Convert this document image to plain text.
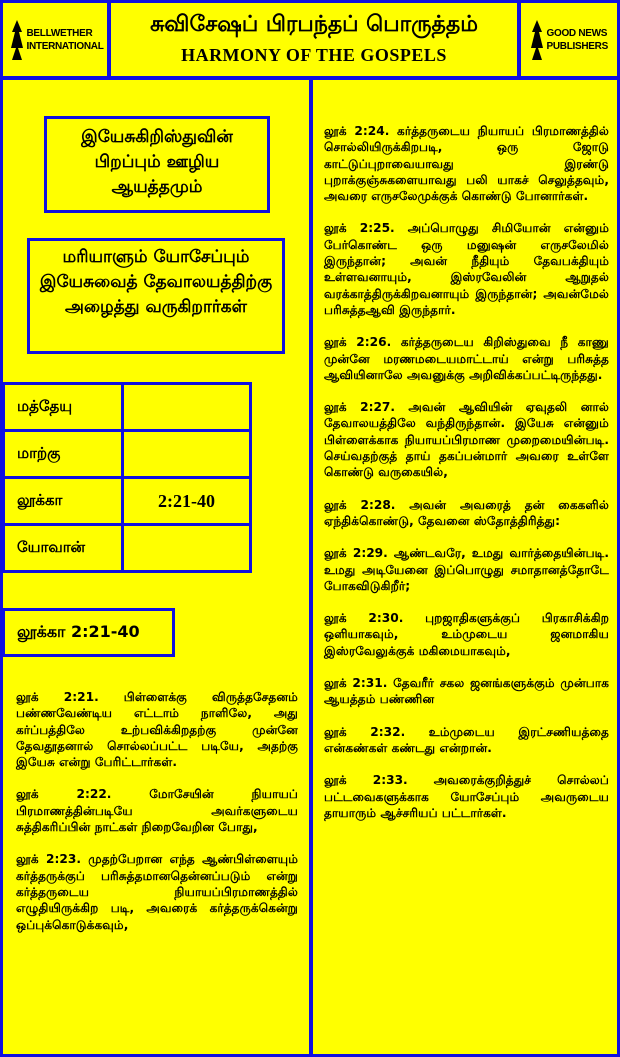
BELLWETHER INTERNATIONAL
சுவிசேஷப் பிரபந்தப் பொருத்தம்
HARMONY OF THE GOSPELS
GOOD NEWS PUBLISHERS
இயேசுகிறிஸ்துவின் பிறப்பும் ஊழிய ஆயத்தமும்
மரியாளும் யோசேப்பும் இயேசுவைத் தேவாலயத்திற்கு அழைத்து வருகிறார்கள்
மத்தேயு
மாற்கு
லூக்கா	2:21-40
யோவான்
லூக்கா 2:21-40

லூக் 2:21. பிள்ளைக்கு விருத்தசேதனம் பண்ணவேண்டிய எட்டாம் நாளிலே, அது கர்ப்பத்திலே உற்பவிக்கிறதற்கு முன்னே தேவதூதனால் சொல்லப்பட்ட படியே, அதற்கு இயேசு என்று பேரிட்டார்கள்.

லூக் 2:22. மோசேயின் நியாயப் பிரமாணத்தின்படியே அவர்களுடைய சுத்திகரிப்பின் நாட்கள் நிறைவேறின போது,

லூக் 2:23. முதற்பேறான எந்த ஆண்பிள்ளையும் கர்த்தருக்குப் பரிசுத்தமானதென்னப்படும் என்று கர்த்தருடைய நியாயப்பிரமாணத்தில் எழுதியிருக்கிற படி, அவரைக் கர்த்தருக்கென்று ஒப்புக்கொடுக்கவும்,

லூக் 2:24. கர்த்தருடைய நியாயப் பிரமாணத்தில் சொல்லியிருக்கிறபடி, ஒரு ஜோடு காட்டுப்புறாவையாவது இரண்டு புறாக்குஞ்சுகளையாவது பலி யாகச் செலுத்தவும், அவரை எருசலேமுக்குக் கொண்டு போனார்கள்.

லூக் 2:25. அப்பொழுது சிமியோன் என்னும் பேர்கொண்ட ஒரு மனுஷன் எருசலேமில் இருந்தான்; அவன் நீதியும் தேவபக்தியும் உள்ளவனாயும், இஸ்ரவேலின் ஆறுதல் வரக்காத்திருக்கிறவனாயும் இருந்தான்; அவன்மேல் பரிசுத்தஆவி இருந்தார்.

லூக் 2:26. கர்த்தருடைய கிறிஸ்துவை நீ காணு முன்னே மரணமடையமாட்டாய் என்று பரிசுத்த ஆவியினாலே அவனுக்கு அறிவிக்கப்பட்டிருந்தது.

லூக் 2:27. அவன் ஆவியின் ஏவுதலி னால் தேவாலயத்திலே வந்திருந்தான். இயேசு என்னும் பிள்ளைக்காக நியாயப்பிரமாண முறைமையின்படி. செய்வதற்குத் தாய் தகப்பன்மார் அவரை உள்ளே கொண்டு வருகையில்,

லூக் 2:28. அவன் அவரைத் தன் கைகளில் ஏந்திக்கொண்டு, தேவனை ஸ்தோத்திரித்து:

லூக் 2:29. ஆண்டவரே, உமது வார்த்தையின்படி. உமது அடியேனை இப்பொழுது சமாதானத்தோடே போகவிடுகிறீர்;

லூக் 2:30. புறஜாதிகளுக்குப் பிரகாசிக்கிற ஒளியாகவும், உம்முடைய ஜனமாகிய இஸ்ரவேலுக்குக் மகிமையாகவும்,

லூக் 2:31. தேவரீர் சகல ஜனங்களுக்கும் முன்பாக ஆயத்தம் பண்ணின

லூக் 2:32. உம்முடைய இரட்சணியத்தை என்கண்கள் கண்டது என்றான்.

லூக் 2:33. அவரைக்குறித்துச் சொல்லப் பட்டவைகளுக்காக யோசேப்பும் அவருடைய தாயாரும் ஆச்சரியப் பட்டார்கள்.
